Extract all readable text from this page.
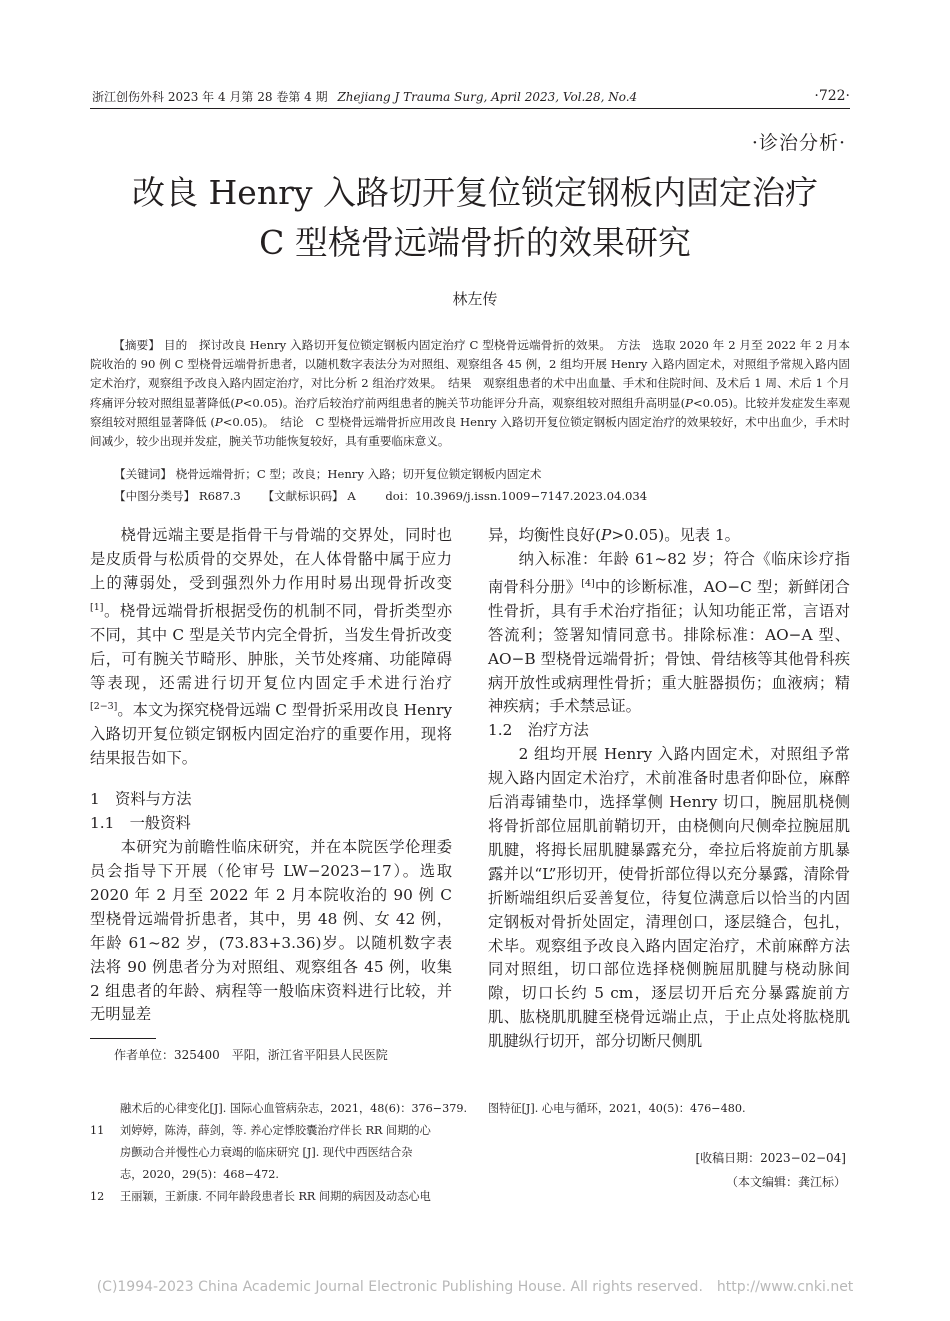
浙江创伤外科 2023 年 4 月第 28 卷第 4 期 Zhejiang J Trauma Surg, April 2023, Vol.28, No.4	·722·
·诊治分析·
改良 Henry 入路切开复位锁定钢板内固定治疗
C 型桡骨远端骨折的效果研究
林左传

【摘要】 目的　 探讨改良 Henry 入路切开复位锁定钢板内固定治疗 C 型桡骨远端骨折的效果。　 方法　 选取 2020 年 2 月至 2022 年 2 月本院收治的 90 例 C 型桡骨远端骨折患者，以随机数字表法分为对照组、观察组各 45 例，2 组均开展 Henry 入路内固定术，对照组予常规入路内固定术治疗，观察组予改良入路内固定治疗，对比分析 2 组治疗效果。　 结果　 观察组患者的术中出血量、手术和住院时间、及术后 1 周、术后 1 个月疼痛评分较对照组显著降低(P<0.05)。治疗后较治疗前两组患者的腕关节功能评分升高，观察组较对照组升高明显(P<0.05)。比较并发症发生率观察组较对照组显著降低 (P<0.05)。　 结论　 C 型桡骨远端骨折应用改良 Henry 入路切开复位锁定钢板内固定治疗的效果较好，术中出血少，手术时间减少，较少出现并发症，腕关节功能恢复较好，具有重要临床意义。

【关键词】 桡骨远端骨折；C 型；改良；Henry 入路；切开复位锁定钢板内固定术
【中图分类号】 R687.3 【文献标识码】 A	doi：10.3969/j.issn.1009−7147.2023.04.034

桡骨远端主要是指骨干与骨端的交界处，同时也是皮质骨与松质骨的交界处，在人体骨骼中属于应力上的薄弱处，受到强烈外力作用时易出现骨折改变[1]。桡骨远端骨折根据受伤的机制不同，骨折类型亦不同，其中 C 型是关节内完全骨折，当发生骨折改变后，可有腕关节畸形、肿胀，关节处疼痛、功能障碍等表现，还需进行切开复位内固定手术进行治疗[2−3]。本文为探究桡骨远端 C 型骨折采用改良 Henry 入路切开复位锁定钢板内固定治疗的重要作用，现将结果报告如下。

1　资料与方法

1.1　一般资料

本研究为前瞻性临床研究，并在本院医学伦理委员会指导下开展（伦审号 LW−2023−17）。选取 2020 年 2 月至 2022 年 2 月本院收治的 90 例 C 型桡骨远端骨折患者，其中，男 48 例、女 42 例，年龄 61~82 岁，(73.83+3.36)岁。以随机数字表法将 90 例患者分为对照组、观察组各 45 例，收集 2 组患者的年龄、病程等一般临床资料进行比较，并无明显差

作者单位：325400　平阳，浙江省平阳县人民医院

异，均衡性良好(P>0.05)。见表 1。

纳入标准：年龄 61~82 岁；符合《临床诊疗指南骨科分册》[4]中的诊断标准，AO−C 型；新鲜闭合性骨折，具有手术治疗指征；认知功能正常，言语对答流利；签署知情同意书。排除标准：AO−A 型、AO−B 型桡骨远端骨折；骨蚀、骨结核等其他骨科疾病开放性或病理性骨折；重大脏器损伤；血液病；精神疾病；手术禁忌证。

1.2　治疗方法

2 组均开展 Henry 入路内固定术，对照组予常规入路内固定术治疗，术前准备时患者仰卧位，麻醉后消毒铺垫巾，选择掌侧 Henry 切口，腕屈肌桡侧将骨折部位屈肌前鞘切开，由桡侧向尺侧牵拉腕屈肌肌腱，将拇长屈肌腱暴露充分，牵拉后将旋前方肌暴露并以“L”形切开，使骨折部位得以充分暴露，清除骨折断端组织后妥善复位，待复位满意后以恰当的内固定钢板对骨折处固定，清理创口，逐层缝合，包扎，术毕。观察组予改良入路内固定治疗，术前麻醉方法同对照组，切口部位选择桡侧腕屈肌腱与桡动脉间隙，切口长约 5 cm，逐层切开后充分暴露旋前方肌、肱桡肌肌腱至桡骨远端止点，于止点处将肱桡肌肌腱纵行切开，部分切断尺侧肌

融术后的心律变化[J]. 国际心血管病杂志，2021，48(6)：376−379.

11 刘婷婷，陈涛，薛剑，等. 养心定悸胶囊治疗伴长 RR 间期的心

房颤动合并慢性心力衰竭的临床研究 [J]. 现代中西医结合杂

志，2020，29(5)：468−472.

12 王丽颖，王新康. 不同年龄段患者长 RR 间期的病因及动态心电

图特征[J]. 心电与循环，2021，40(5)：476−480.

[收稿日期：2023−02−04]
（本文编辑：龚江标）
(C)1994-2023 China Academic Journal Electronic Publishing House. All rights reserved.　http://www.cnki.net
